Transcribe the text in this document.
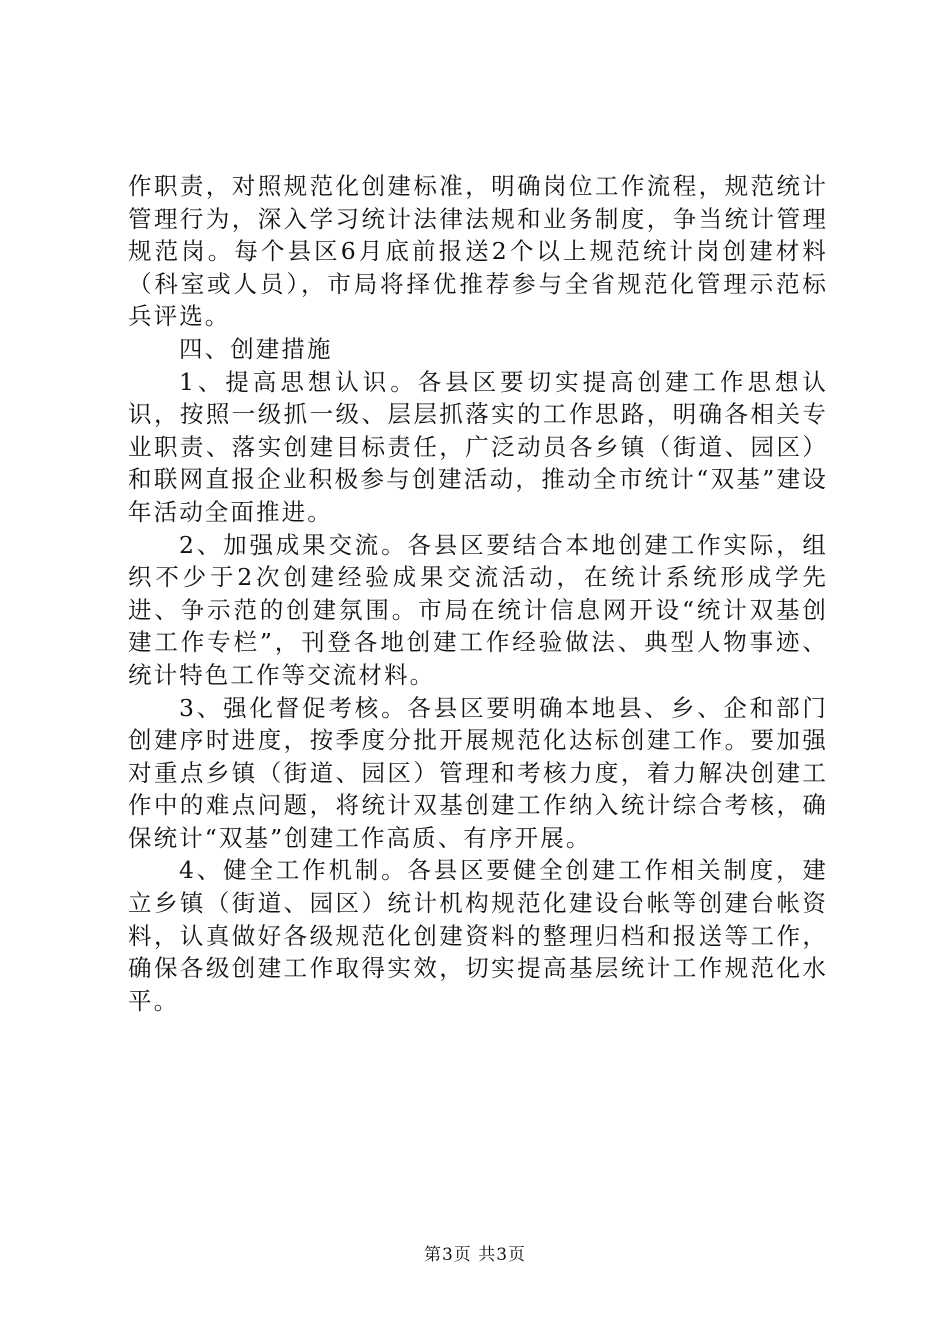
作职责，对照规范化创建标准，明确岗位工作流程，规范统计管理行为，深入学习统计法律法规和业务制度，争当统计管理规范岗。每个县区6月底前报送2个以上规范统计岗创建材料（科室或人员），市局将择优推荐参与全省规范化管理示范标兵评选。

四、创建措施

1、提高思想认识。各县区要切实提高创建工作思想认识，按照一级抓一级、层层抓落实的工作思路，明确各相关专业职责、落实创建目标责任，广泛动员各乡镇（街道、园区）和联网直报企业积极参与创建活动，推动全市统计“双基”建设年活动全面推进。

2、加强成果交流。各县区要结合本地创建工作实际，组织不少于2次创建经验成果交流活动，在统计系统形成学先进、争示范的创建氛围。市局在统计信息网开设“统计双基创建工作专栏”，刊登各地创建工作经验做法、典型人物事迹、统计特色工作等交流材料。

3、强化督促考核。各县区要明确本地县、乡、企和部门创建序时进度，按季度分批开展规范化达标创建工作。要加强对重点乡镇（街道、园区）管理和考核力度，着力解决创建工作中的难点问题，将统计双基创建工作纳入统计综合考核，确保统计“双基”创建工作高质、有序开展。

4、健全工作机制。各县区要健全创建工作相关制度，建立乡镇（街道、园区）统计机构规范化建设台帐等创建台帐资料，认真做好各级规范化创建资料的整理归档和报送等工作，确保各级创建工作取得实效，切实提高基层统计工作规范化水平。

第3页 共3页
